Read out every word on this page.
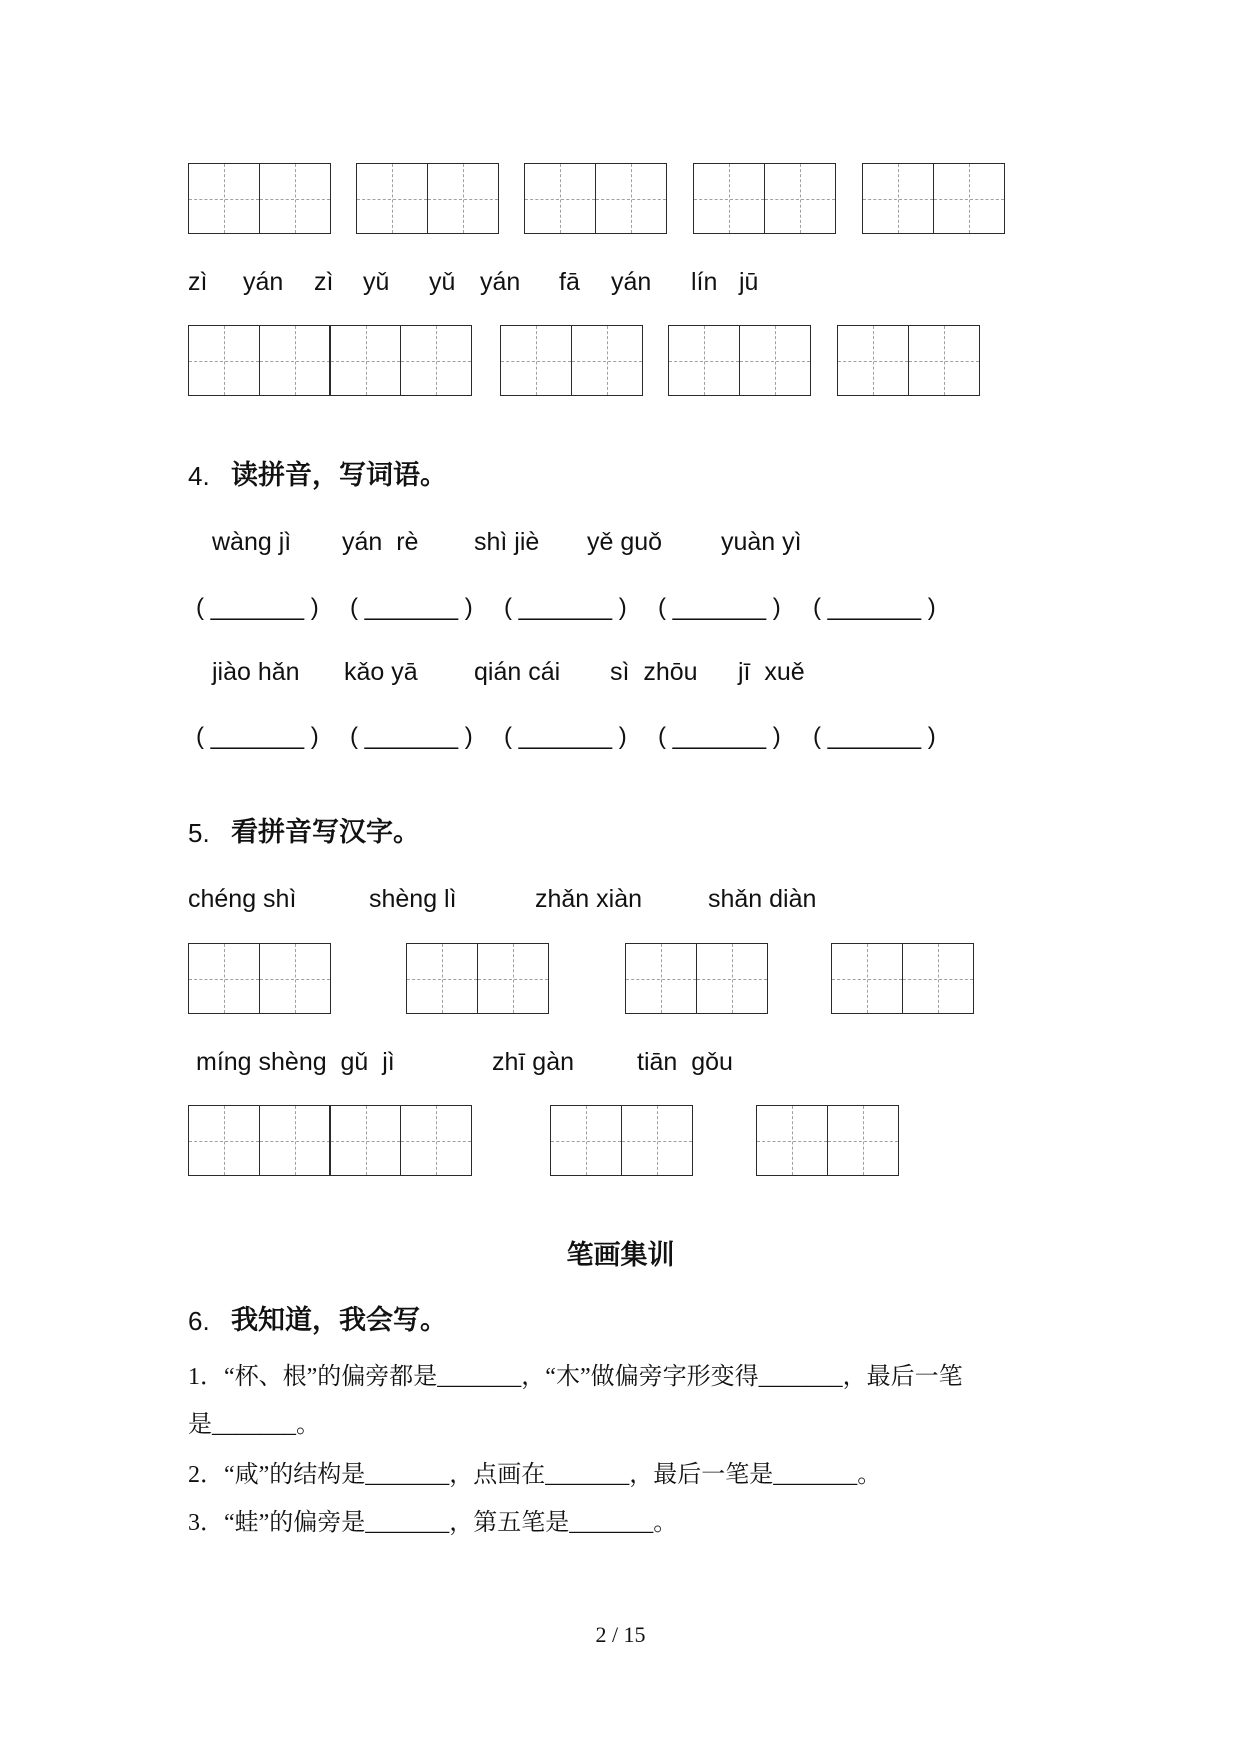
zì yán zì yǔ yǔ yán fā yán lín jū
4. 读拼音，写词语。
wàng jì yán  rè shì jiè yě guǒ yuàn yì
( _______ ) ( _______ ) ( _______ ) ( _______ ) ( _______ )
jiào hǎn kǎo yā qián cái sì  zhōu jī  xuě
( _______ ) ( _______ ) ( _______ ) ( _______ ) ( _______ )
5. 看拼音写汉字。
chéng shì	shèng lì	zhǎn xiàn	shǎn diàn
míng shèng  gǔ  jì	zhī gàn	tiān  gǒu
笔画集训
6. 我知道，我会写。
1．“杯、根”的偏旁都是_______，“木”做偏旁字形变得_______，最后一笔
是_______。
2．“咸”的结构是_______，点画在_______，最后一笔是_______。
3．“蛙”的偏旁是_______，第五笔是_______。
2 / 15
